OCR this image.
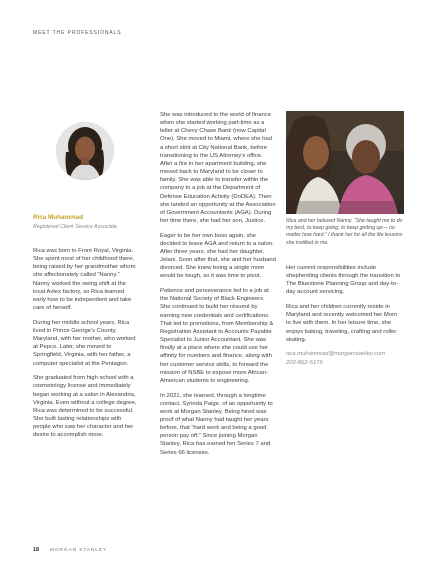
MEET THE PROFESSIONALS
Rica Muhammad
Registered Client Service Associate

Rica was born in Front Royal, Virginia. She spent most of her childhood there, being raised by her grandmother whom she affectionately called “Nanny.” Nanny worked the swing shift at the local Avtex factory, so Rica learned early how to be independent and take care of herself.

During her middle school years, Rica lived in Prince George’s County, Maryland, with her mother, who worked at Pepco. Later, she moved to Springfield, Virginia, with her father, a computer specialist at the Pentagon.

She graduated from high school with a cosmetology license and immediately began working at a salon in Alexandria, Virginia. Even without a college degree, Rica was determined to be successful. She built lasting relationships with people who saw her character and her desire to accomplish more.

She was introduced to the world of finance when she started working part-time as a teller at Chevy Chase Bank (now Capital One). She moved to Miami, where she had a short stint at City National Bank, before transitioning to the US Attorney’s office. After a fire in her apartment building, she moved back to Maryland to be closer to family. She was able to transfer within the company to a job at the Department of Defense Education Activity (DoDEA). Then she landed an opportunity at the Association of Government Accountants (AGA). During her time there, she had her son, Justice.

Eager to be her own boss again, she decided to leave AGA and return to a salon. After three years, she had her daughter, Jelani. Soon after that, she and her husband divorced. She knew being a single mom would be tough, so it was time to pivot.

Patience and perseverance led to a job at the National Society of Black Engineers. She continued to build her résumé by earning new credentials and certifications. That led to promotions, from Membership & Registration Assistant to Accounts Payable Specialist to Junior Accountant. She was finally at a place where she could use her affinity for numbers and finance, along with her customer service skills, to forward the mission of NSBE to expose more African-American students to engineering.

In 2021, she learned, through a longtime contact, Syrinda Paige, of an opportunity to work at Morgan Stanley. Being hired was proof of what Nanny had taught her years before, that “hard work and being a good person pay off.” Since joining Morgan Stanley, Rica has earned her Series 7 and Series 66 licenses.

Rica and her beloved Nanny. “She taught me to do my best, to keep going, to keep getting up— no matter how hard.” I thank her for all the life lessons she instilled in me.

Her current responsibilities include shepherding clients through the transition to The Bluestone Planning Group and day-to-day account servicing.

Rica and her children currently reside in Maryland and recently welcomed her Mom to live with them. In her leisure time, she enjoys baking, traveling, crafting and roller skating.

rica.muhammad@morganstanley.com
202-862-5179
18 MORGAN STANLEY
